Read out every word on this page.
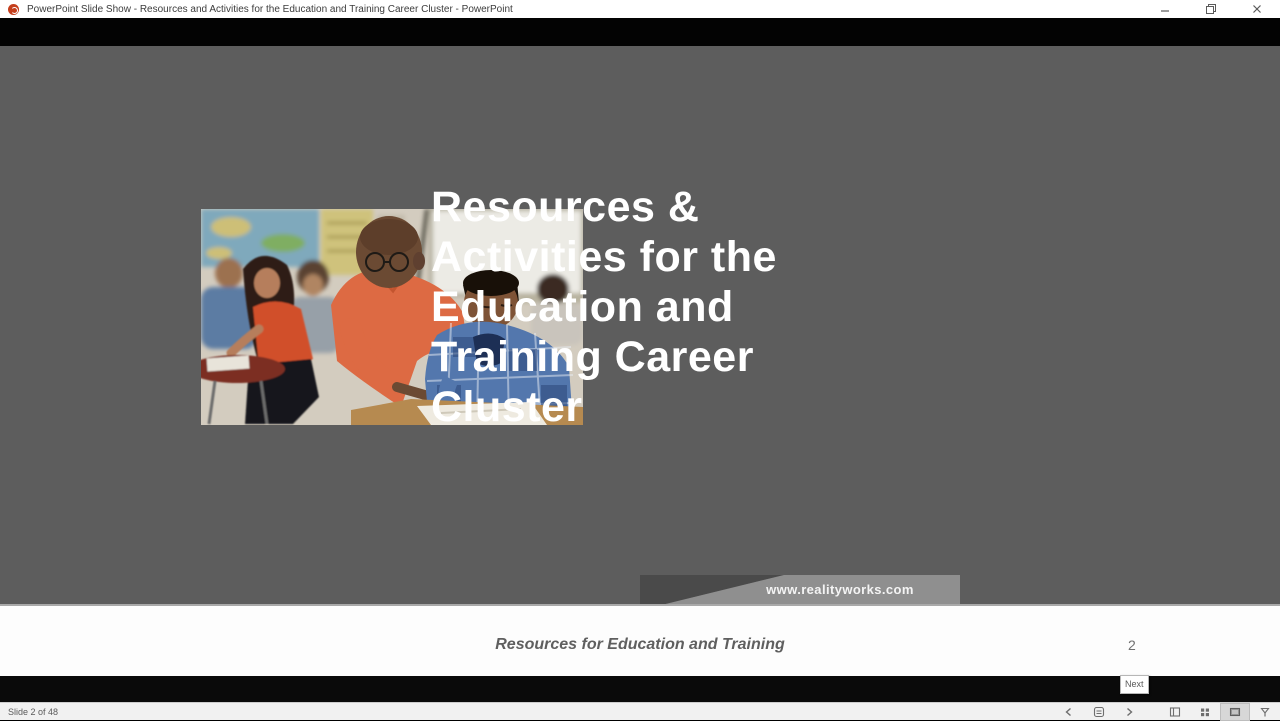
PowerPoint Slide Show - Resources and Activities for the Education and Training Career Cluster - PowerPoint
Resources &
Activities for the
Education and
Training Career
Cluster
www.realityworks.com
Resources for Education and Training	2
Next
Slide 2 of 48
